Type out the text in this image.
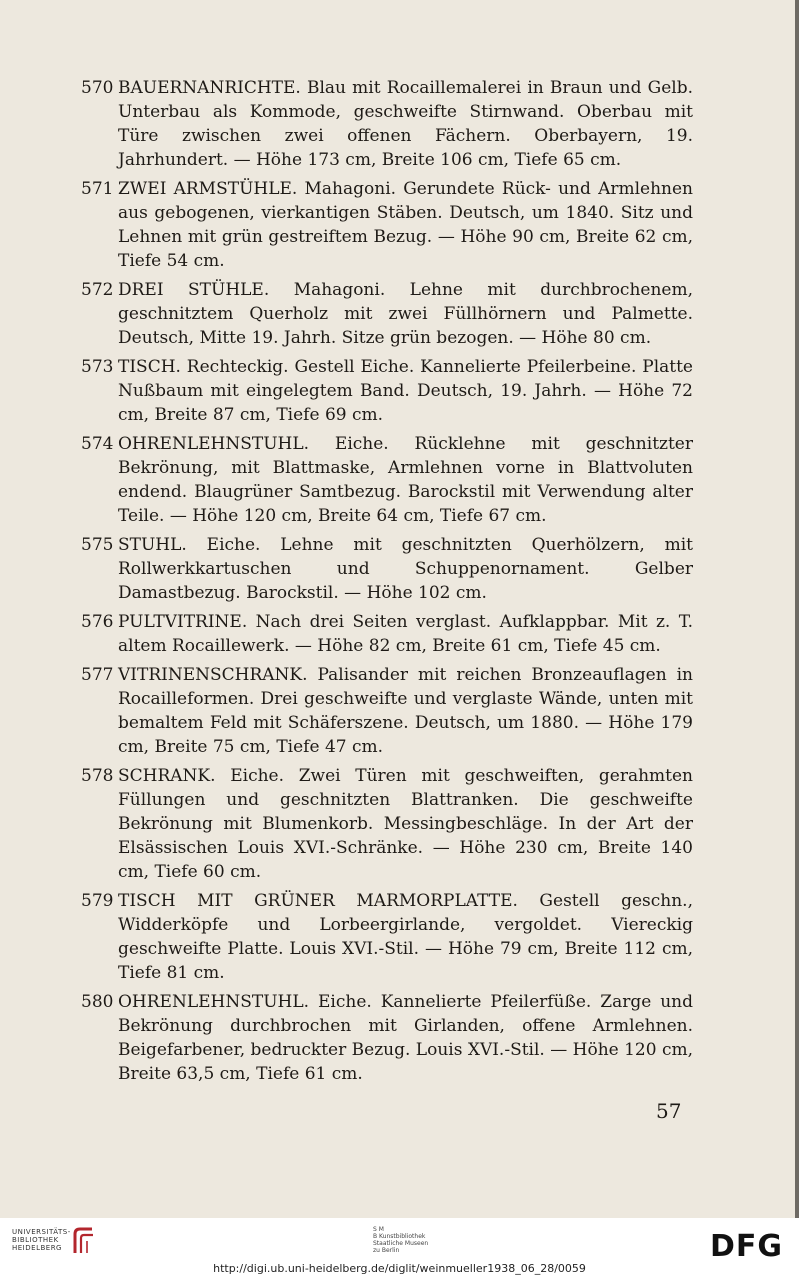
570 BAUERNANRICHTE. Blau mit Rocaillemalerei in Braun und Gelb. Unterbau als Kommode, geschweifte Stirnwand. Oberbau mit Türe zwischen zwei offenen Fächern. Oberbayern, 19. Jahrhundert. — Höhe 173 cm, Breite 106 cm, Tiefe 65 cm.

571 ZWEI ARMSTÜHLE. Mahagoni. Gerundete Rück- und Armlehnen aus gebogenen, vierkantigen Stäben. Deutsch, um 1840. Sitz und Lehnen mit grün gestreiftem Bezug. — Höhe 90 cm, Breite 62 cm, Tiefe 54 cm.

572 DREI STÜHLE. Mahagoni. Lehne mit durchbrochenem, geschnitztem Querholz mit zwei Füllhörnern und Palmette. Deutsch, Mitte 19. Jahrh. Sitze grün bezogen. — Höhe 80 cm.

573 TISCH. Rechteckig. Gestell Eiche. Kannelierte Pfeilerbeine. Platte Nußbaum mit eingelegtem Band. Deutsch, 19. Jahrh. — Höhe 72 cm, Breite 87 cm, Tiefe 69 cm.

574 OHRENLEHNSTUHL. Eiche. Rücklehne mit geschnitzter Bekrönung, mit Blattmaske, Armlehnen vorne in Blattvoluten endend. Blaugrüner Samtbezug. Barockstil mit Verwendung alter Teile. — Höhe 120 cm, Breite 64 cm, Tiefe 67 cm.

575 STUHL. Eiche. Lehne mit geschnitzten Querhölzern, mit Rollwerkkartuschen und Schuppenornament. Gelber Damastbezug. Barockstil. — Höhe 102 cm.

576 PULTVITRINE. Nach drei Seiten verglast. Aufklappbar. Mit z. T. altem Rocaillewerk. — Höhe 82 cm, Breite 61 cm, Tiefe 45 cm.

577 VITRINENSCHRANK. Palisander mit reichen Bronzeauflagen in Rocailleformen. Drei geschweifte und verglaste Wände, unten mit bemaltem Feld mit Schäferszene. Deutsch, um 1880. — Höhe 179 cm, Breite 75 cm, Tiefe 47 cm.

578 SCHRANK. Eiche. Zwei Türen mit geschweiften, gerahmten Füllungen und geschnitzten Blattranken. Die geschweifte Bekrönung mit Blumenkorb. Messingbeschläge. In der Art der Elsässischen Louis XVI.-Schränke. — Höhe 230 cm, Breite 140 cm, Tiefe 60 cm.

579 TISCH MIT GRÜNER MARMORPLATTE. Gestell geschn., Widderköpfe und Lorbeergirlande, vergoldet. Viereckig geschweifte Platte. Louis XVI.-Stil. — Höhe 79 cm, Breite 112 cm, Tiefe 81 cm.

580 OHRENLEHNSTUHL. Eiche. Kannelierte Pfeilerfüße. Zarge und Bekrönung durchbrochen mit Girlanden, offene Armlehnen. Beigefarbener, bedruckter Bezug. Louis XVI.-Stil. — Höhe 120 cm, Breite 63,5 cm, Tiefe 61 cm.

57
UNIVERSITÄTS-
BIBLIOTHEK
HEIDELBERG
S M
B Kunstbibliothek
Staatliche Museen
zu Berlin	DFG
http://digi.ub.uni-heidelberg.de/diglit/weinmueller1938_06_28/0059
